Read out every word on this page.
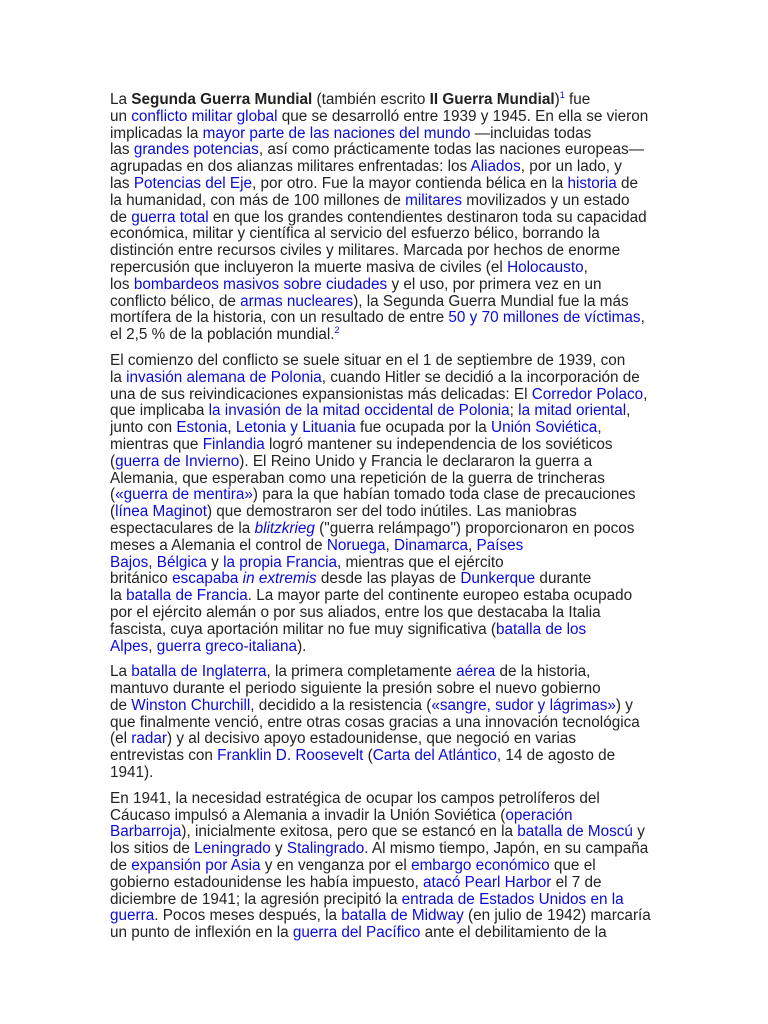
La Segunda Guerra Mundial (también escrito II Guerra Mundial)$^1$ fue
un conflicto militar global que se desarrolló entre 1939 y 1945. En ella se vieron
implicadas la mayor parte de las naciones del mundo —incluidas todas
las grandes potencias, así como prácticamente todas las naciones europeas—
agrupadas en dos alianzas militares enfrentadas: los Aliados, por un lado, y
las Potencias del Eje, por otro. Fue la mayor contienda bélica en la historia de
la humanidad, con más de 100 millones de militares movilizados y un estado
de guerra total en que los grandes contendientes destinaron toda su capacidad
económica, militar y científica al servicio del esfuerzo bélico, borrando la
distinción entre recursos civiles y militares. Marcada por hechos de enorme
repercusión que incluyeron la muerte masiva de civiles (el Holocausto,
los bombardeos masivos sobre ciudades y el uso, por primera vez en un
conflicto bélico, de armas nucleares), la Segunda Guerra Mundial fue la más
mortífera de la historia, con un resultado de entre 50 y 70 millones de víctimas,
el 2,5 % de la población mundial.$^2$
El comienzo del conflicto se suele situar en el 1 de septiembre de 1939, con
la invasión alemana de Polonia, cuando Hitler se decidió a la incorporación de
una de sus reivindicaciones expansionistas más delicadas: El Corredor Polaco,
que implicaba la invasión de la mitad occidental de Polonia; la mitad oriental,
junto con Estonia, Letonia y Lituania fue ocupada por la Unión Soviética,
mientras que Finlandia logró mantener su independencia de los soviéticos
(guerra de Invierno). El Reino Unido y Francia le declararon la guerra a
Alemania, que esperaban como una repetición de la guerra de trincheras
(«guerra de mentira») para la que habían tomado toda clase de precauciones
(línea Maginot) que demostraron ser del todo inútiles. Las maniobras
espectaculares de la blitzkrieg ("guerra relámpago") proporcionaron en pocos
meses a Alemania el control de Noruega, Dinamarca, Países
Bajos, Bélgica y la propia Francia, mientras que el ejército
británico escapaba in extremis desde las playas de Dunkerque durante
la batalla de Francia. La mayor parte del continente europeo estaba ocupado
por el ejército alemán o por sus aliados, entre los que destacaba la Italia
fascista, cuya aportación militar no fue muy significativa (batalla de los
Alpes, guerra greco-italiana).
La batalla de Inglaterra, la primera completamente aérea de la historia,
mantuvo durante el periodo siguiente la presión sobre el nuevo gobierno
de Winston Churchill, decidido a la resistencia («sangre, sudor y lágrimas») y
que finalmente venció, entre otras cosas gracias a una innovación tecnológica
(el radar) y al decisivo apoyo estadounidense, que negoció en varias
entrevistas con Franklin D. Roosevelt (Carta del Atlántico, 14 de agosto de
1941).
En 1941, la necesidad estratégica de ocupar los campos petrolíferos del
Cáucaso impulsó a Alemania a invadir la Unión Soviética (operación
Barbarroja), inicialmente exitosa, pero que se estancó en la batalla de Moscú y
los sitios de Leningrado y Stalingrado. Al mismo tiempo, Japón, en su campaña
de expansión por Asia y en venganza por el embargo económico que el
gobierno estadounidense les había impuesto, atacó Pearl Harbor el 7 de
diciembre de 1941; la agresión precipitó la entrada de Estados Unidos en la
guerra. Pocos meses después, la batalla de Midway (en julio de 1942) marcaría
un punto de inflexión en la guerra del Pacífico ante el debilitamiento de la
